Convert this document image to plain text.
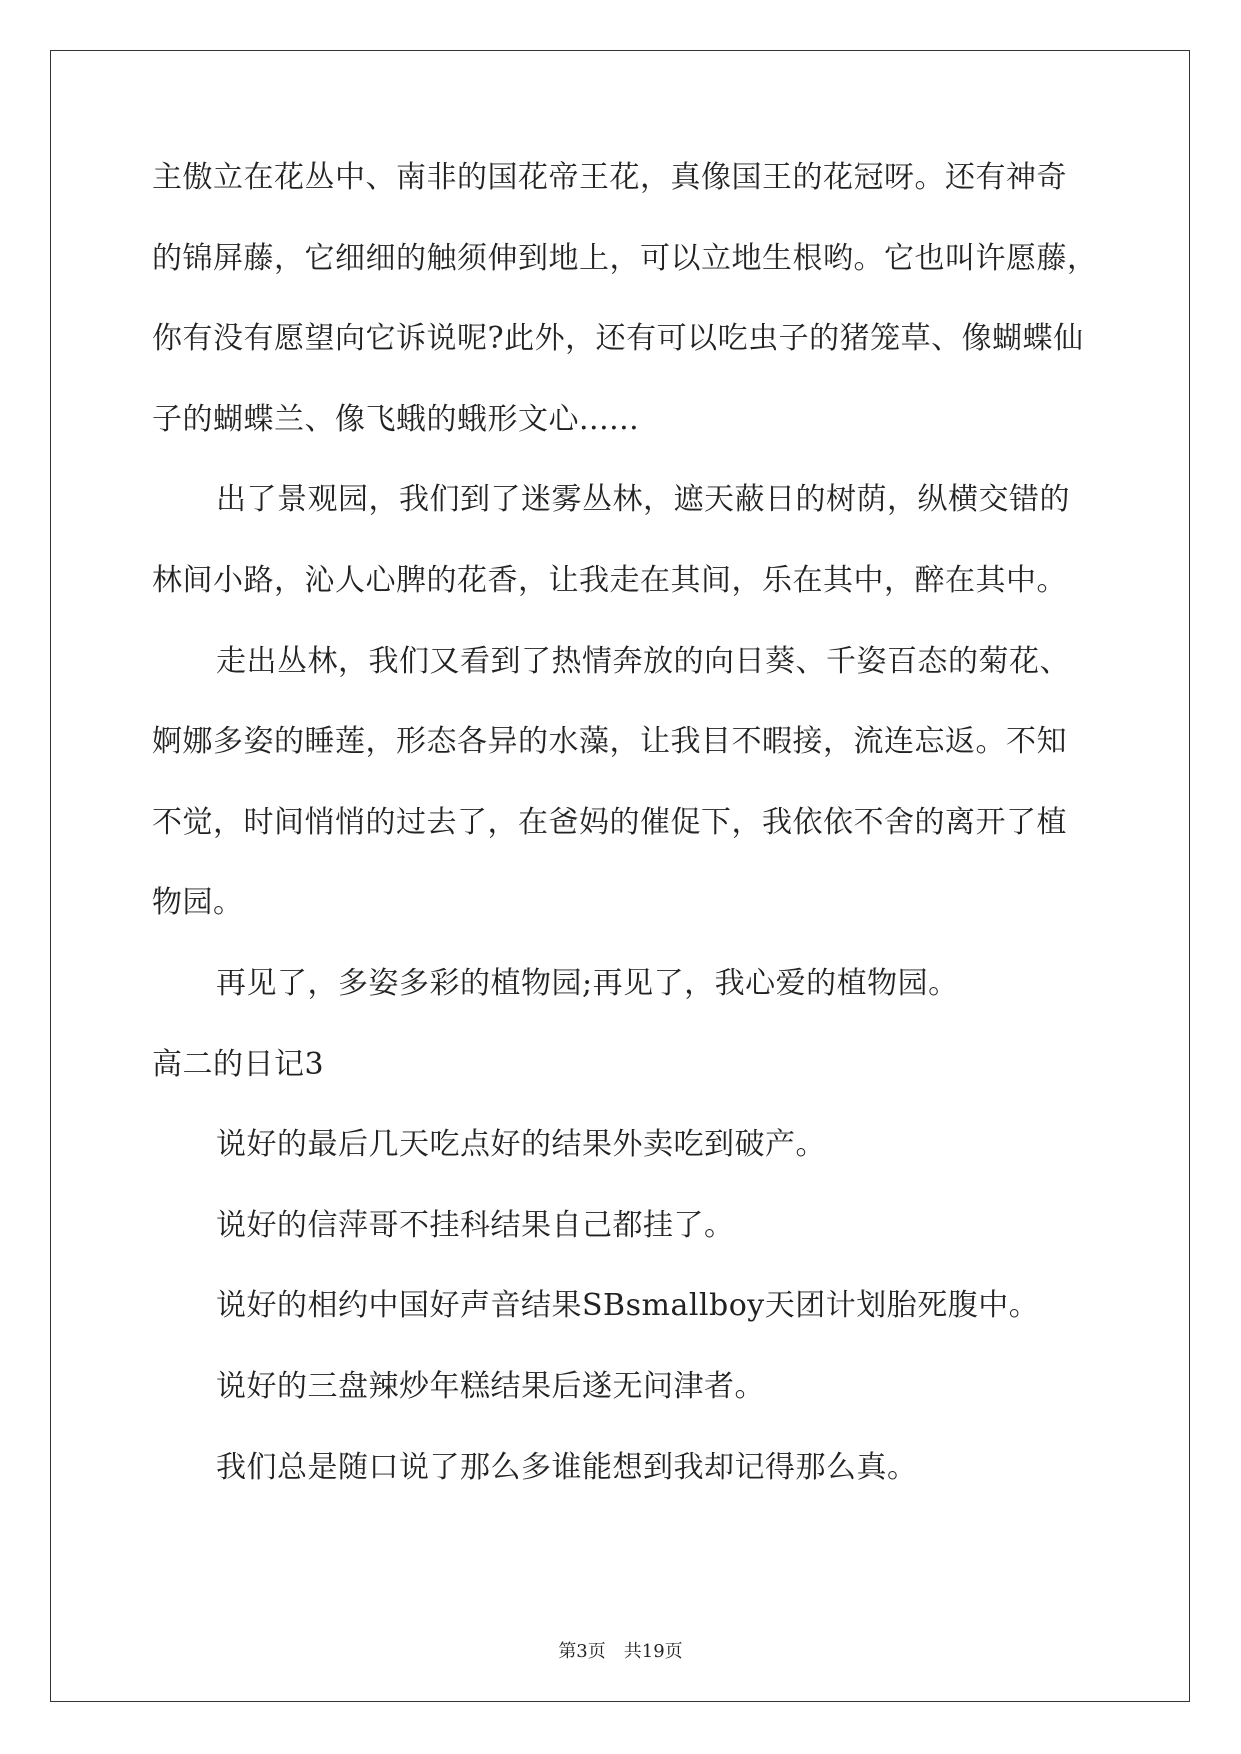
主傲立在花丛中、南非的国花帝王花，真像国王的花冠呀。还有神奇
的锦屏藤，它细细的触须伸到地上，可以立地生根哟。它也叫许愿藤，
你有没有愿望向它诉说呢?此外，还有可以吃虫子的猪笼草、像蝴蝶仙
子的蝴蝶兰、像飞蛾的蛾形文心......
出了景观园，我们到了迷雾丛林，遮天蔽日的树荫，纵横交错的
林间小路，沁人心脾的花香，让我走在其间，乐在其中，醉在其中。
走出丛林，我们又看到了热情奔放的向日葵、千姿百态的菊花、
婀娜多姿的睡莲，形态各异的水藻，让我目不暇接，流连忘返。不知
不觉，时间悄悄的过去了，在爸妈的催促下，我依依不舍的离开了植
物园。
再见了，多姿多彩的植物园;再见了，我心爱的植物园。
高二的日记3
说好的最后几天吃点好的结果外卖吃到破产。
说好的信萍哥不挂科结果自己都挂了。
说好的相约中国好声音结果SBsmallboy天团计划胎死腹中。
说好的三盘辣炒年糕结果后遂无问津者。
我们总是随口说了那么多谁能想到我却记得那么真。
第3页 共19页
